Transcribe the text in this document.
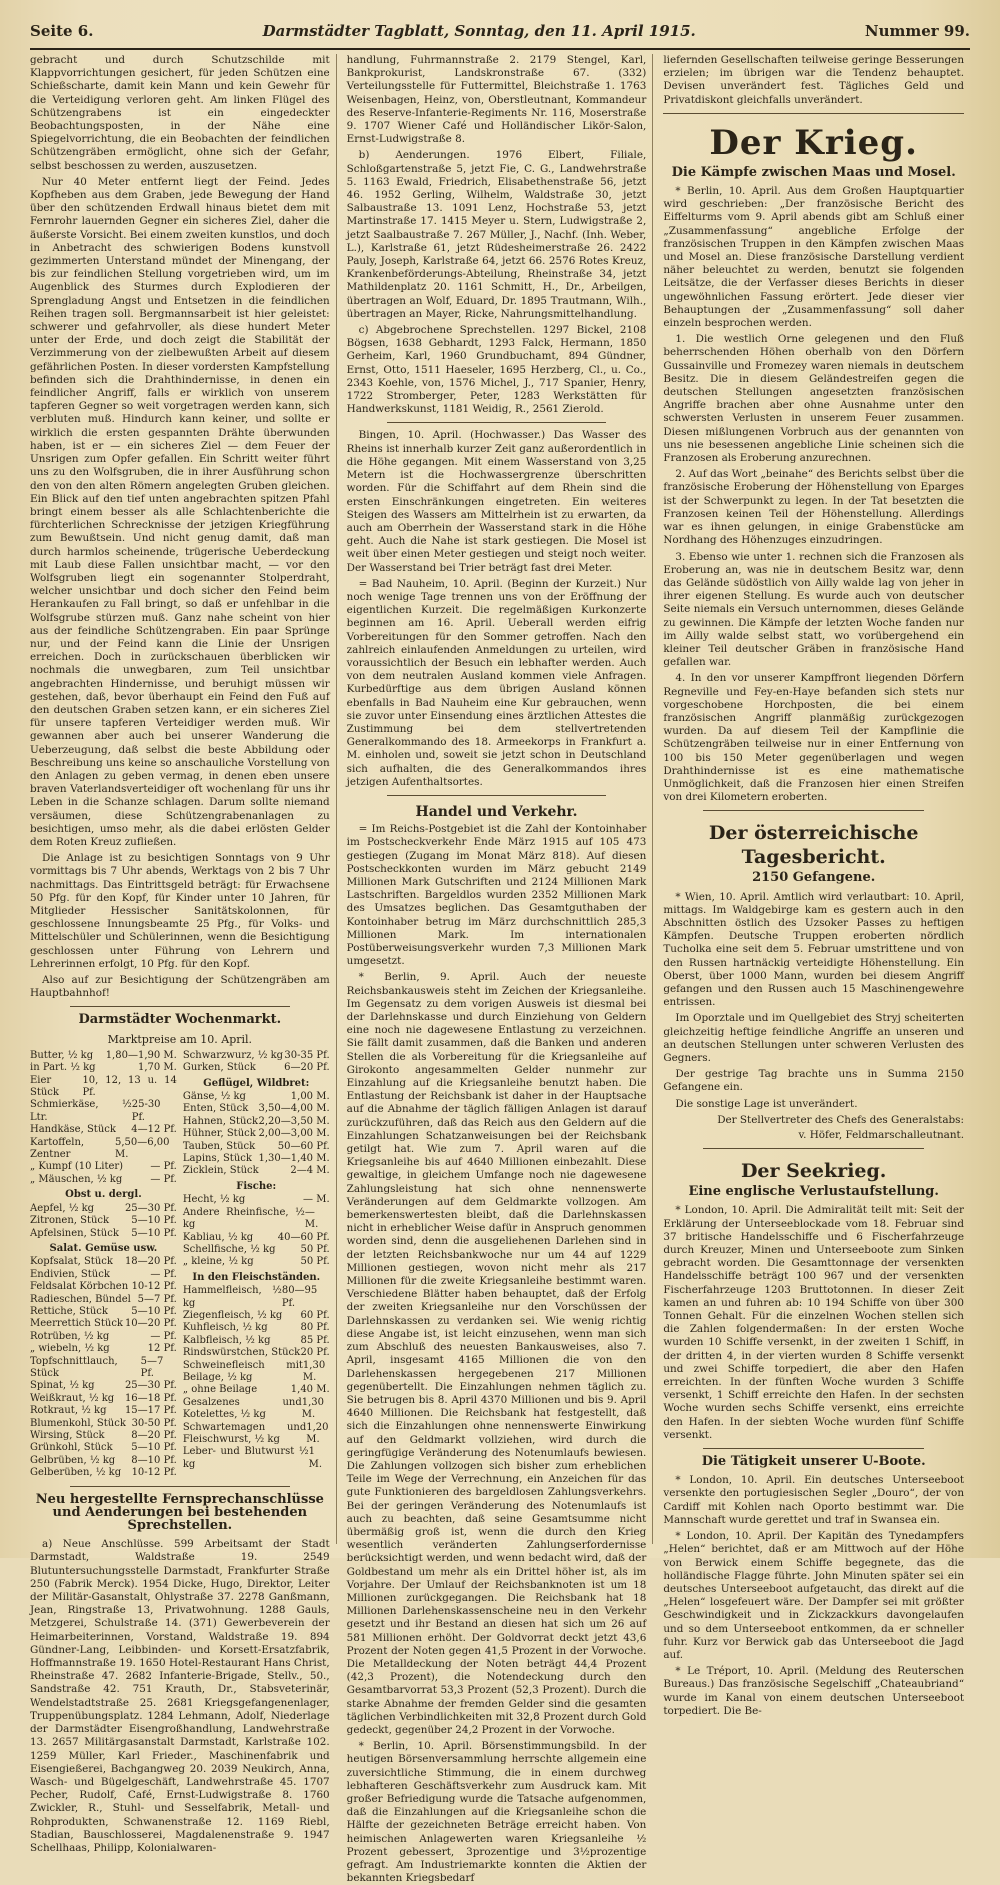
Seite 6.	Darmstädter Tagblatt, Sonntag, den 11. April 1915.	Nummer 99.

gebracht und durch Schutzschilde mit Klappvorrichtungen gesichert, für jeden Schützen eine Schießscharte, damit kein Mann und kein Gewehr für die Verteidigung verloren geht. Am linken Flügel des Schützengrabens ist ein eingedeckter Beobachtungsposten, in der Nähe eine Spiegelvorrichtung, die ein Beobachten der feindlichen Schützengräben ermöglicht, ohne sich der Gefahr, selbst beschossen zu werden, auszusetzen.

Nur 40 Meter entfernt liegt der Feind. Jedes Kopfheben aus dem Graben, jede Bewegung der Hand über den schützenden Erdwall hinaus bietet dem mit Fernrohr lauernden Gegner ein sicheres Ziel, daher die äußerste Vorsicht. Bei einem zweiten kunstlos, und doch in Anbetracht des schwierigen Bodens kunstvoll gezimmerten Unterstand mündet der Minengang, der bis zur feindlichen Stellung vorgetrieben wird, um im Augenblick des Sturmes durch Explodieren der Sprengladung Angst und Entsetzen in die feindlichen Reihen tragen soll. Bergmannsarbeit ist hier geleistet: schwerer und gefahrvoller, als diese hundert Meter unter der Erde, und doch zeigt die Stabilität der Verzimmerung von der zielbewußten Arbeit auf diesem gefährlichen Posten. In dieser vordersten Kampfstellung befinden sich die Drahthindernisse, in denen ein feindlicher Angriff, falls er wirklich von unserem tapferen Gegner so weit vorgetragen werden kann, sich verbluten muß. Hindurch kann keiner, und sollte er wirklich die ersten gespannten Drähte überwunden haben, ist er — ein sicheres Ziel — dem Feuer der Unsrigen zum Opfer gefallen. Ein Schritt weiter führt uns zu den Wolfsgruben, die in ihrer Ausführung schon den von den alten Römern angelegten Gruben gleichen. Ein Blick auf den tief unten angebrachten spitzen Pfahl bringt einem besser als alle Schlachtenberichte die fürchterlichen Schrecknisse der jetzigen Kriegführung zum Bewußtsein. Und nicht genug damit, daß man durch harmlos scheinende, trügerische Ueberdeckung mit Laub diese Fallen unsichtbar macht, — vor den Wolfsgruben liegt ein sogenannter Stolperdraht, welcher unsichtbar und doch sicher den Feind beim Herankaufen zu Fall bringt, so daß er unfehlbar in die Wolfsgrube stürzen muß. Ganz nahe scheint von hier aus der feindliche Schützengraben. Ein paar Sprünge nur, und der Feind kann die Linie der Unsrigen erreichen. Doch in zurückschauen überblicken wir nochmals die unwegbaren, zum Teil unsichtbar angebrachten Hindernisse, und beruhigt müssen wir gestehen, daß, bevor überhaupt ein Feind den Fuß auf den deutschen Graben setzen kann, er ein sicheres Ziel für unsere tapferen Verteidiger werden muß. Wir gewannen aber auch bei unserer Wanderung die Ueberzeugung, daß selbst die beste Abbildung oder Beschreibung uns keine so anschauliche Vorstellung von den Anlagen zu geben vermag, in denen eben unsere braven Vaterlandsverteidiger oft wochenlang für uns ihr Leben in die Schanze schlagen. Darum sollte niemand versäumen, diese Schützengrabenanlagen zu besichtigen, umso mehr, als die dabei erlösten Gelder dem Roten Kreuz zufließen.

Die Anlage ist zu besichtigen Sonntags von 9 Uhr vormittags bis 7 Uhr abends, Werktags von 2 bis 7 Uhr nachmittags. Das Eintrittsgeld beträgt: für Erwachsene 50 Pfg. für den Kopf, für Kinder unter 10 Jahren, für Mitglieder Hessischer Sanitätskolonnen, für geschlossene Innungsbeamte 25 Pfg., für Volks- und Mittelschüler und Schülerinnen, wenn die Besichtigung geschlossen unter Führung von Lehrern und Lehrerinnen erfolgt, 10 Pfg. für den Kopf.

Also auf zur Besichtigung der Schützengräben am Hauptbahnhof!

Darmstädter Wochenmarkt.
Marktpreise am 10. April.
Butter, ½ kg 1,80—1,90 M.
in Part. ½ kg	1,70 M.
Eier Stück
10, 12, 13 u. 14 Pf.
Schmierkäse, ½ Ltr.
25-30 Pf.
Handkäse, Stück 4—12 Pf.
Kartoffeln, Zentner
5,50—6,00 M.
„ Kumpf (10 Liter)	— Pf.
„ Mäuschen, ½ kg	— Pf.
Obst u. dergl.
Aepfel, ½ kg	25—30 Pf.
Zitronen, Stück 5—10 Pf.
Apfelsinen, Stück 5—10 Pf.
Salat. Gemüse usw.
Kopfsalat, Stück 18—20 Pf.
Endivien, Stück	— Pf.
Feldsalat Körbchen 10-12 Pf.
Radieschen, Bündel 5—7 Pf.
Rettiche, Stück 5—10 Pf.
Meerrettich Stück 10—20 Pf.
Rotrüben, ½ kg	— Pf.
„ wiebeln, ½ kg	12 Pf.
Topfschnittlauch, Stück
5—7 Pf.
Spinat, ½ kg	25—30 Pf.
Weißkraut, ½ kg 16—18 Pf.
Rotkraut, ½ kg 15—17 Pf.
Blumenkohl, Stück 30-50 Pf.
Wirsing, Stück	8—20 Pf.
Grünkohl, Stück 5—10 Pf.
Gelbrüben, ½ kg 8—10 Pf.
Gelberüben, ½ kg 10-12 Pf.
Schwarzwurz, ½ kg 30-35 Pf.
Gurken, Stück	6—20 Pf.
Geflügel, Wildbret:
Gänse, ½ kg	1,00 M.
Enten, Stück 3,50—4,00 M.
Hahnen, Stück 2,20—3,50 M.
Hühner, Stück 2,00—3,00 M.
Tauben, Stück 50—60 Pf.
Lapins, Stück 1,30—1,40 M.
Zicklein, Stück	2—4 M.
Fische:
Hecht, ½ kg	— M.
Andere Rheinfische, ½ kg
— M.
Kabliau, ½ kg 40—60 Pf.
Schellfische, ½ kg	50 Pf.
„ kleine, ½ kg	50 Pf.
In den Fleischständen.
Hammelfleisch, ½ kg
80—95 Pf.
Ziegenfleisch, ½ kg 60 Pf.
Kuhfleisch, ½ kg	80 Pf.
Kalbfleisch, ½ kg	85 Pf.
Rindswürstchen, Stück 20 Pf.
Schweinefleisch mit Beilage, ½ kg
1,30 M.
„ ohne Beilage	1,40 M.
Gesalzenes und Kotelettes, ½ kg
1,30 M.
Schwartemagen und Fleischwurst, ½ kg
1,20 M.
Leber- und Blutwurst ½ kg
1 M.
Neu hergestellte Fernsprechanschlüsse und Aenderungen bei bestehenden Sprechstellen.

a) Neue Anschlüsse. 599 Arbeitsamt der Stadt Darmstadt, Waldstraße 19. 2549 Blutuntersuchungsstelle Darmstadt, Frankfurter Straße 250 (Fabrik Merck). 1954 Dicke, Hugo, Direktor, Leiter der Militär-Gasanstalt, Ohlystraße 37. 2278 Ganßmann, Jean, Ringstraße 13, Privatwohnung. 1288 Gauls, Metzgerei, Schulstraße 14. (371) Gewerbeverein der Heimarbeiterinnen, Vorstand, Waldstraße 19. 894 Gündner-Lang, Leibbinden- und Korsett-Ersatzfabrik, Hoffmannstraße 19. 1650 Hotel-Restaurant Hans Christ, Rheinstraße 47. 2682 Infanterie-Brigade, Stellv., 50., Sandstraße 42. 751 Krauth, Dr., Stabsveterinär, Wendelstadtstraße 25. 2681 Kriegsgefangenenlager, Truppenübungsplatz. 1284 Lehmann, Adolf, Niederlage der Darmstädter Eisengroßhandlung, Landwehrstraße 13. 2657 Militärgasanstalt Darmstadt, Karlstraße 102. 1259 Müller, Karl Frieder., Maschinenfabrik und Eisengießerei, Bachgangweg 20. 2039 Neukirch, Anna, Wasch- und Bügelgeschäft, Landwehrstraße 45. 1707 Pecher, Rudolf, Café, Ernst-Ludwigstraße 8. 1760 Zwickler, R., Stuhl- und Sesselfabrik, Metall- und Rohprodukten, Schwanenstraße 12. 1169 Riebl, Stadian, Bauschlosserei, Magdalenenstraße 9. 1947 Schellhaas, Philipp, Kolonialwaren-

handlung, Fuhrmannstraße 2. 2179 Stengel, Karl, Bankprokurist, Landskronstraße 67. (332) Verteilungsstelle für Futtermittel, Bleichstraße 1. 1763 Weisenbagen, Heinz, von, Oberstleutnant, Kommandeur des Reserve-Infanterie-Regiments Nr. 116, Moserstraße 9. 1707 Wiener Café und Holländischer Likör-Salon, Ernst-Ludwigstraße 8.

b) Aenderungen. 1976 Elbert, Filiale, Schloßgartenstraße 5, jetzt Fie, C. G., Landwehrstraße 5. 1163 Ewald, Friedrich, Elisabethenstraße 56, jetzt 46. 1952 Gerling, Wilhelm, Waldstraße 30, jetzt Salbaustraße 13. 1091 Lenz, Hochstraße 53, jetzt Martinstraße 17. 1415 Meyer u. Stern, Ludwigstraße 2, jetzt Saalbaustraße 7. 267 Müller, J., Nachf. (Inh. Weber, L.), Karlstraße 61, jetzt Rüdesheimerstraße 26. 2422 Pauly, Joseph, Karlstraße 64, jetzt 66. 2576 Rotes Kreuz, Krankenbeförderungs-Abteilung, Rheinstraße 34, jetzt Mathildenplatz 20. 1161 Schmitt, H., Dr., Arbeilgen, übertragen an Wolf, Eduard, Dr. 1895 Trautmann, Wilh., übertragen an Mayer, Ricke, Nahrungsmittelhandlung.

c) Abgebrochene Sprechstellen. 1297 Bickel, 2108 Bögsen, 1638 Gebhardt, 1293 Falck, Hermann, 1850 Gerheim, Karl, 1960 Grundbuchamt, 894 Gündner, Ernst, Otto, 1511 Haeseler, 1695 Herzberg, Cl., u. Co., 2343 Koehle, von, 1576 Michel, J., 717 Spanier, Henry, 1722 Stromberger, Peter, 1283 Werkstätten für Handwerkskunst, 1181 Weidig, R., 2561 Zierold.

Bingen, 10. April. (Hochwasser.) Das Wasser des Rheins ist innerhalb kurzer Zeit ganz außerordentlich in die Höhe gegangen. Mit einem Wasserstand von 3,25 Metern ist die Hochwassergrenze überschritten worden. Für die Schiffahrt auf dem Rhein sind die ersten Einschränkungen eingetreten. Ein weiteres Steigen des Wassers am Mittelrhein ist zu erwarten, da auch am Oberrhein der Wasserstand stark in die Höhe geht. Auch die Nahe ist stark gestiegen. Die Mosel ist weit über einen Meter gestiegen und steigt noch weiter. Der Wasserstand bei Trier beträgt fast drei Meter.

= Bad Nauheim, 10. April. (Beginn der Kurzeit.) Nur noch wenige Tage trennen uns von der Eröffnung der eigentlichen Kurzeit. Die regelmäßigen Kurkonzerte beginnen am 16. April. Ueberall werden eifrig Vorbereitungen für den Sommer getroffen. Nach den zahlreich einlaufenden Anmeldungen zu urteilen, wird voraussichtlich der Besuch ein lebhafter werden. Auch von dem neutralen Ausland kommen viele Anfragen. Kurbedürftige aus dem übrigen Ausland können ebenfalls in Bad Nauheim eine Kur gebrauchen, wenn sie zuvor unter Einsendung eines ärztlichen Attestes die Zustimmung bei dem stellvertretenden Generalkommando des 18. Armeekorps in Frankfurt a. M. einholen und, soweit sie jetzt schon in Deutschland sich aufhalten, die des Generalkommandos ihres jetzigen Aufenthaltsortes.

Handel und Verkehr.

= Im Reichs-Postgebiet ist die Zahl der Kontoinhaber im Postscheckverkehr Ende März 1915 auf 105 473 gestiegen (Zugang im Monat März 818). Auf diesen Postscheckkonten wurden im März gebucht 2149 Millionen Mark Gutschriften und 2124 Millionen Mark Lastschriften. Bargeldlos wurden 2352 Millionen Mark des Umsatzes beglichen. Das Gesamtguthaben der Kontoinhaber betrug im März durchschnittlich 285,3 Millionen Mark. Im internationalen Postüberweisungsverkehr wurden 7,3 Millionen Mark umgesetzt.

* Berlin, 9. April. Auch der neueste Reichsbankausweis steht im Zeichen der Kriegsanleihe. Im Gegensatz zu dem vorigen Ausweis ist diesmal bei der Darlehnskasse und durch Einziehung von Geldern eine noch nie dagewesene Entlastung zu verzeichnen. Sie fällt damit zusammen, daß die Banken und anderen Stellen die als Vorbereitung für die Kriegsanleihe auf Girokonto angesammelten Gelder nunmehr zur Einzahlung auf die Kriegsanleihe benutzt haben. Die Entlastung der Reichsbank ist daher in der Hauptsache auf die Abnahme der täglich fälligen Anlagen ist darauf zurückzuführen, daß das Reich aus den Geldern auf die Einzahlungen Schatzanweisungen bei der Reichsbank getilgt hat. Wie zum 7. April waren auf die Kriegsanleihe bis auf 4640 Millionen einbezahlt. Diese gewaltige, in gleichem Umfange noch nie dagewesene Zahlungsleistung hat sich ohne nennenswerte Veränderungen auf dem Geldmarkte vollzogen. Am bemerkenswertesten bleibt, daß die Darlehnskassen nicht in erheblicher Weise dafür in Anspruch genommen worden sind, denn die ausgeliehenen Darlehen sind in der letzten Reichsbankwoche nur um 44 auf 1229 Millionen gestiegen, wovon nicht mehr als 217 Millionen für die zweite Kriegsanleihe bestimmt waren. Verschiedene Blätter haben behauptet, daß der Erfolg der zweiten Kriegsanleihe nur den Vorschüssen der Darlehnskassen zu verdanken sei. Wie wenig richtig diese Angabe ist, ist leicht einzusehen, wenn man sich zum Abschluß des neuesten Bankausweises, also 7. April, insgesamt 4165 Millionen die von den Darlehenskassen hergegebenen 217 Millionen gegenübertellt. Die Einzahlungen nehmen täglich zu. Sie betrugen bis 8. April 4370 Millionen und bis 9. April 4640 Millionen. Die Reichsbank hat festgestellt, daß sich die Einzahlungen ohne nennenswerte Einwirkung auf den Geldmarkt vollziehen, wird durch die geringfügige Veränderung des Notenumlaufs bewiesen. Die Zahlungen vollzogen sich bisher zum erheblichen Teile im Wege der Verrechnung, ein Anzeichen für das gute Funktionieren des bargeldlosen Zahlungsverkehrs. Bei der geringen Veränderung des Notenumlaufs ist auch zu beachten, daß seine Gesamtsumme nicht übermäßig groß ist, wenn die durch den Krieg wesentlich veränderten Zahlungserfordernisse berücksichtigt werden, und wenn bedacht wird, daß der Goldbestand um mehr als ein Drittel höher ist, als im Vorjahre. Der Umlauf der Reichsbanknoten ist um 18 Millionen zurückgegangen. Die Reichsbank hat 18 Millionen Darlehenskassenscheine neu in den Verkehr gesetzt und ihr Bestand an diesen hat sich um 26 auf 581 Millionen erhöht. Der Goldvorrat deckt jetzt 43,6 Prozent der Noten gegen 41,5 Prozent in der Vorwoche. Die Metalldeckung der Noten beträgt 44,4 Prozent (42,3 Prozent), die Notendeckung durch den Gesamtbarvorrat 53,3 Prozent (52,3 Prozent). Durch die starke Abnahme der fremden Gelder sind die gesamten täglichen Verbindlichkeiten mit 32,8 Prozent durch Gold gedeckt, gegenüber 24,2 Prozent in der Vorwoche.

* Berlin, 10. April. Börsenstimmungsbild. In der heutigen Börsenversammlung herrschte allgemein eine zuversichtliche Stimmung, die in einem durchweg lebhafteren Geschäftsverkehr zum Ausdruck kam. Mit großer Befriedigung wurde die Tatsache aufgenommen, daß die Einzahlungen auf die Kriegsanleihe schon die Hälfte der gezeichneten Beträge erreicht haben. Von heimischen Anlagewerten waren Kriegsanleihe ½ Prozent gebessert, 3prozentige und 3½prozentige gefragt. Am Industriemarkte konnten die Aktien der bekannten Kriegsbedarf

liefernden Gesellschaften teilweise geringe Besserungen erzielen; im übrigen war die Tendenz behauptet. Devisen unverändert fest. Tägliches Geld und Privatdiskont gleichfalls unverändert.

Der Krieg.
Die Kämpfe zwischen Maas und Mosel.

* Berlin, 10. April. Aus dem Großen Hauptquartier wird geschrieben: „Der französische Bericht des Eiffelturms vom 9. April abends gibt am Schluß einer „Zusammenfassung“ angebliche Erfolge der französischen Truppen in den Kämpfen zwischen Maas und Mosel an. Diese französische Darstellung verdient näher beleuchtet zu werden, benutzt sie folgenden Leitsätze, die der Verfasser dieses Berichts in dieser ungewöhnlichen Fassung erörtert. Jede dieser vier Behauptungen der „Zusammenfassung“ soll daher einzeln besprochen werden.

1. Die westlich Orne gelegenen und den Fluß beherrschenden Höhen oberhalb von den Dörfern Gussainville und Fromezey waren niemals in deutschem Besitz. Die in diesem Geländestreifen gegen die deutschen Stellungen angesetzten französischen Angriffe brachen aber ohne Ausnahme unter den schwersten Verlusten in unserem Feuer zusammen. Diesen mißlungenen Vorbruch aus der genannten von uns nie besessenen angebliche Linie scheinen sich die Franzosen als Eroberung anzurechnen.

2. Auf das Wort „beinahe“ des Berichts selbst über die französische Eroberung der Höhenstellung von Eparges ist der Schwerpunkt zu legen. In der Tat besetzten die Franzosen keinen Teil der Höhenstellung. Allerdings war es ihnen gelungen, in einige Grabenstücke am Nordhang des Höhenzuges einzudringen.

3. Ebenso wie unter 1. rechnen sich die Franzosen als Eroberung an, was nie in deutschem Besitz war, denn das Gelände südöstlich von Ailly walde lag von jeher in ihrer eigenen Stellung. Es wurde auch von deutscher Seite niemals ein Versuch unternommen, dieses Gelände zu gewinnen. Die Kämpfe der letzten Woche fanden nur im Ailly walde selbst statt, wo vorübergehend ein kleiner Teil deutscher Gräben in französische Hand gefallen war.

4. In den vor unserer Kampffront liegenden Dörfern Regneville und Fey-en-Haye befanden sich stets nur vorgeschobene Horchposten, die bei einem französischen Angriff planmäßig zurückgezogen wurden. Da auf diesem Teil der Kampflinie die Schützengräben teilweise nur in einer Entfernung von 100 bis 150 Meter gegenüberlagen und wegen Drahthindernisse ist es eine mathematische Unmöglichkeit, daß die Franzosen hier einen Streifen von drei Kilometern eroberten.

Der österreichische Tagesbericht.
2150 Gefangene.

* Wien, 10. April. Amtlich wird verlautbart: 10. April, mittags. Im Waldgebirge kam es gestern auch in den Abschnitten östlich des Uzsoker Passes zu heftigen Kämpfen. Deutsche Truppen eroberten nördlich Tucholka eine seit dem 5. Februar umstrittene und von den Russen hartnäckig verteidigte Höhenstellung. Ein Oberst, über 1000 Mann, wurden bei diesem Angriff gefangen und den Russen auch 15 Maschinengewehre entrissen.

Im Oporztale und im Quellgebiet des Stryj scheiterten gleichzeitig heftige feindliche Angriffe an unseren und an deutschen Stellungen unter schweren Verlusten des Gegners.

Der gestrige Tag brachte uns in Summa 2150 Gefangene ein.

Die sonstige Lage ist unverändert.

Der Stellvertreter des Chefs des Generalstabs:
v. Höfer, Feldmarschalleutnant.
Der Seekrieg.
Eine englische Verlustaufstellung.

* London, 10. April. Die Admiralität teilt mit: Seit der Erklärung der Unterseeblockade vom 18. Februar sind 37 britische Handelsschiffe und 6 Fischerfahrzeuge durch Kreuzer, Minen und Unterseeboote zum Sinken gebracht worden. Die Gesamttonnage der versenkten Handelsschiffe beträgt 100 967 und der versenkten Fischerfahrzeuge 1203 Bruttotonnen. In dieser Zeit kamen an und fuhren ab: 10 194 Schiffe von über 300 Tonnen Gehalt. Für die einzelnen Wochen stellen sich die Zahlen folgendermaßen: In der ersten Woche wurden 10 Schiffe versenkt, in der zweiten 1 Schiff, in der dritten 4, in der vierten wurden 8 Schiffe versenkt und zwei Schiffe torpediert, die aber den Hafen erreichten. In der fünften Woche wurden 3 Schiffe versenkt, 1 Schiff erreichte den Hafen. In der sechsten Woche wurden sechs Schiffe versenkt, eins erreichte den Hafen. In der siebten Woche wurden fünf Schiffe versenkt.

Die Tätigkeit unserer U-Boote.

* London, 10. April. Ein deutsches Unterseeboot versenkte den portugiesischen Segler „Douro“, der von Cardiff mit Kohlen nach Oporto bestimmt war. Die Mannschaft wurde gerettet und traf in Swansea ein.

* London, 10. April. Der Kapitän des Tynedampfers „Helen“ berichtet, daß er am Mittwoch auf der Höhe von Berwick einem Schiffe begegnete, das die holländische Flagge führte. John Minuten später sei ein deutsches Unterseeboot aufgetaucht, das direkt auf die „Helen“ losgefeuert wäre. Der Dampfer sei mit größter Geschwindigkeit und in Zickzackkurs davongelaufen und so dem Unterseeboot entkommen, da er schneller fuhr. Kurz vor Berwick gab das Unterseeboot die Jagd auf.

* Le Tréport, 10. April. (Meldung des Reuterschen Bureaus.) Das französische Segelschiff „Chateaubriand“ wurde im Kanal von einem deutschen Unterseeboot torpediert. Die Be-
